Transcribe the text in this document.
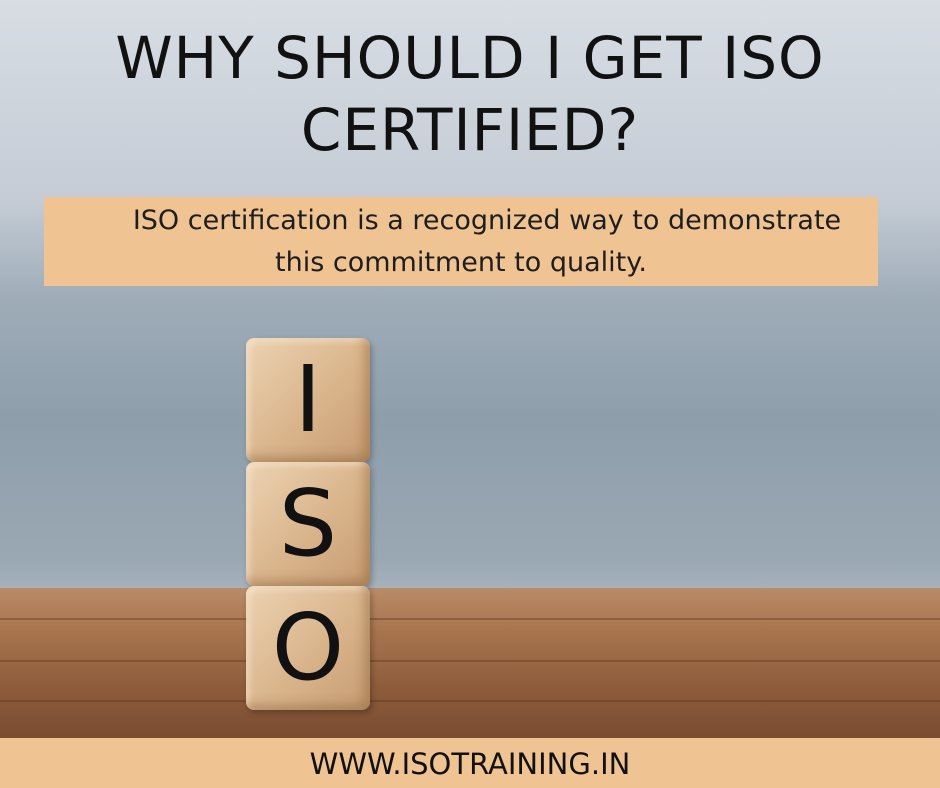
WHY SHOULD I GET ISO
CERTIFIED?

ISO certification is a recognized way to demonstrate
this commitment to quality.

I
S
O
WWW.ISOTRAINING.IN
